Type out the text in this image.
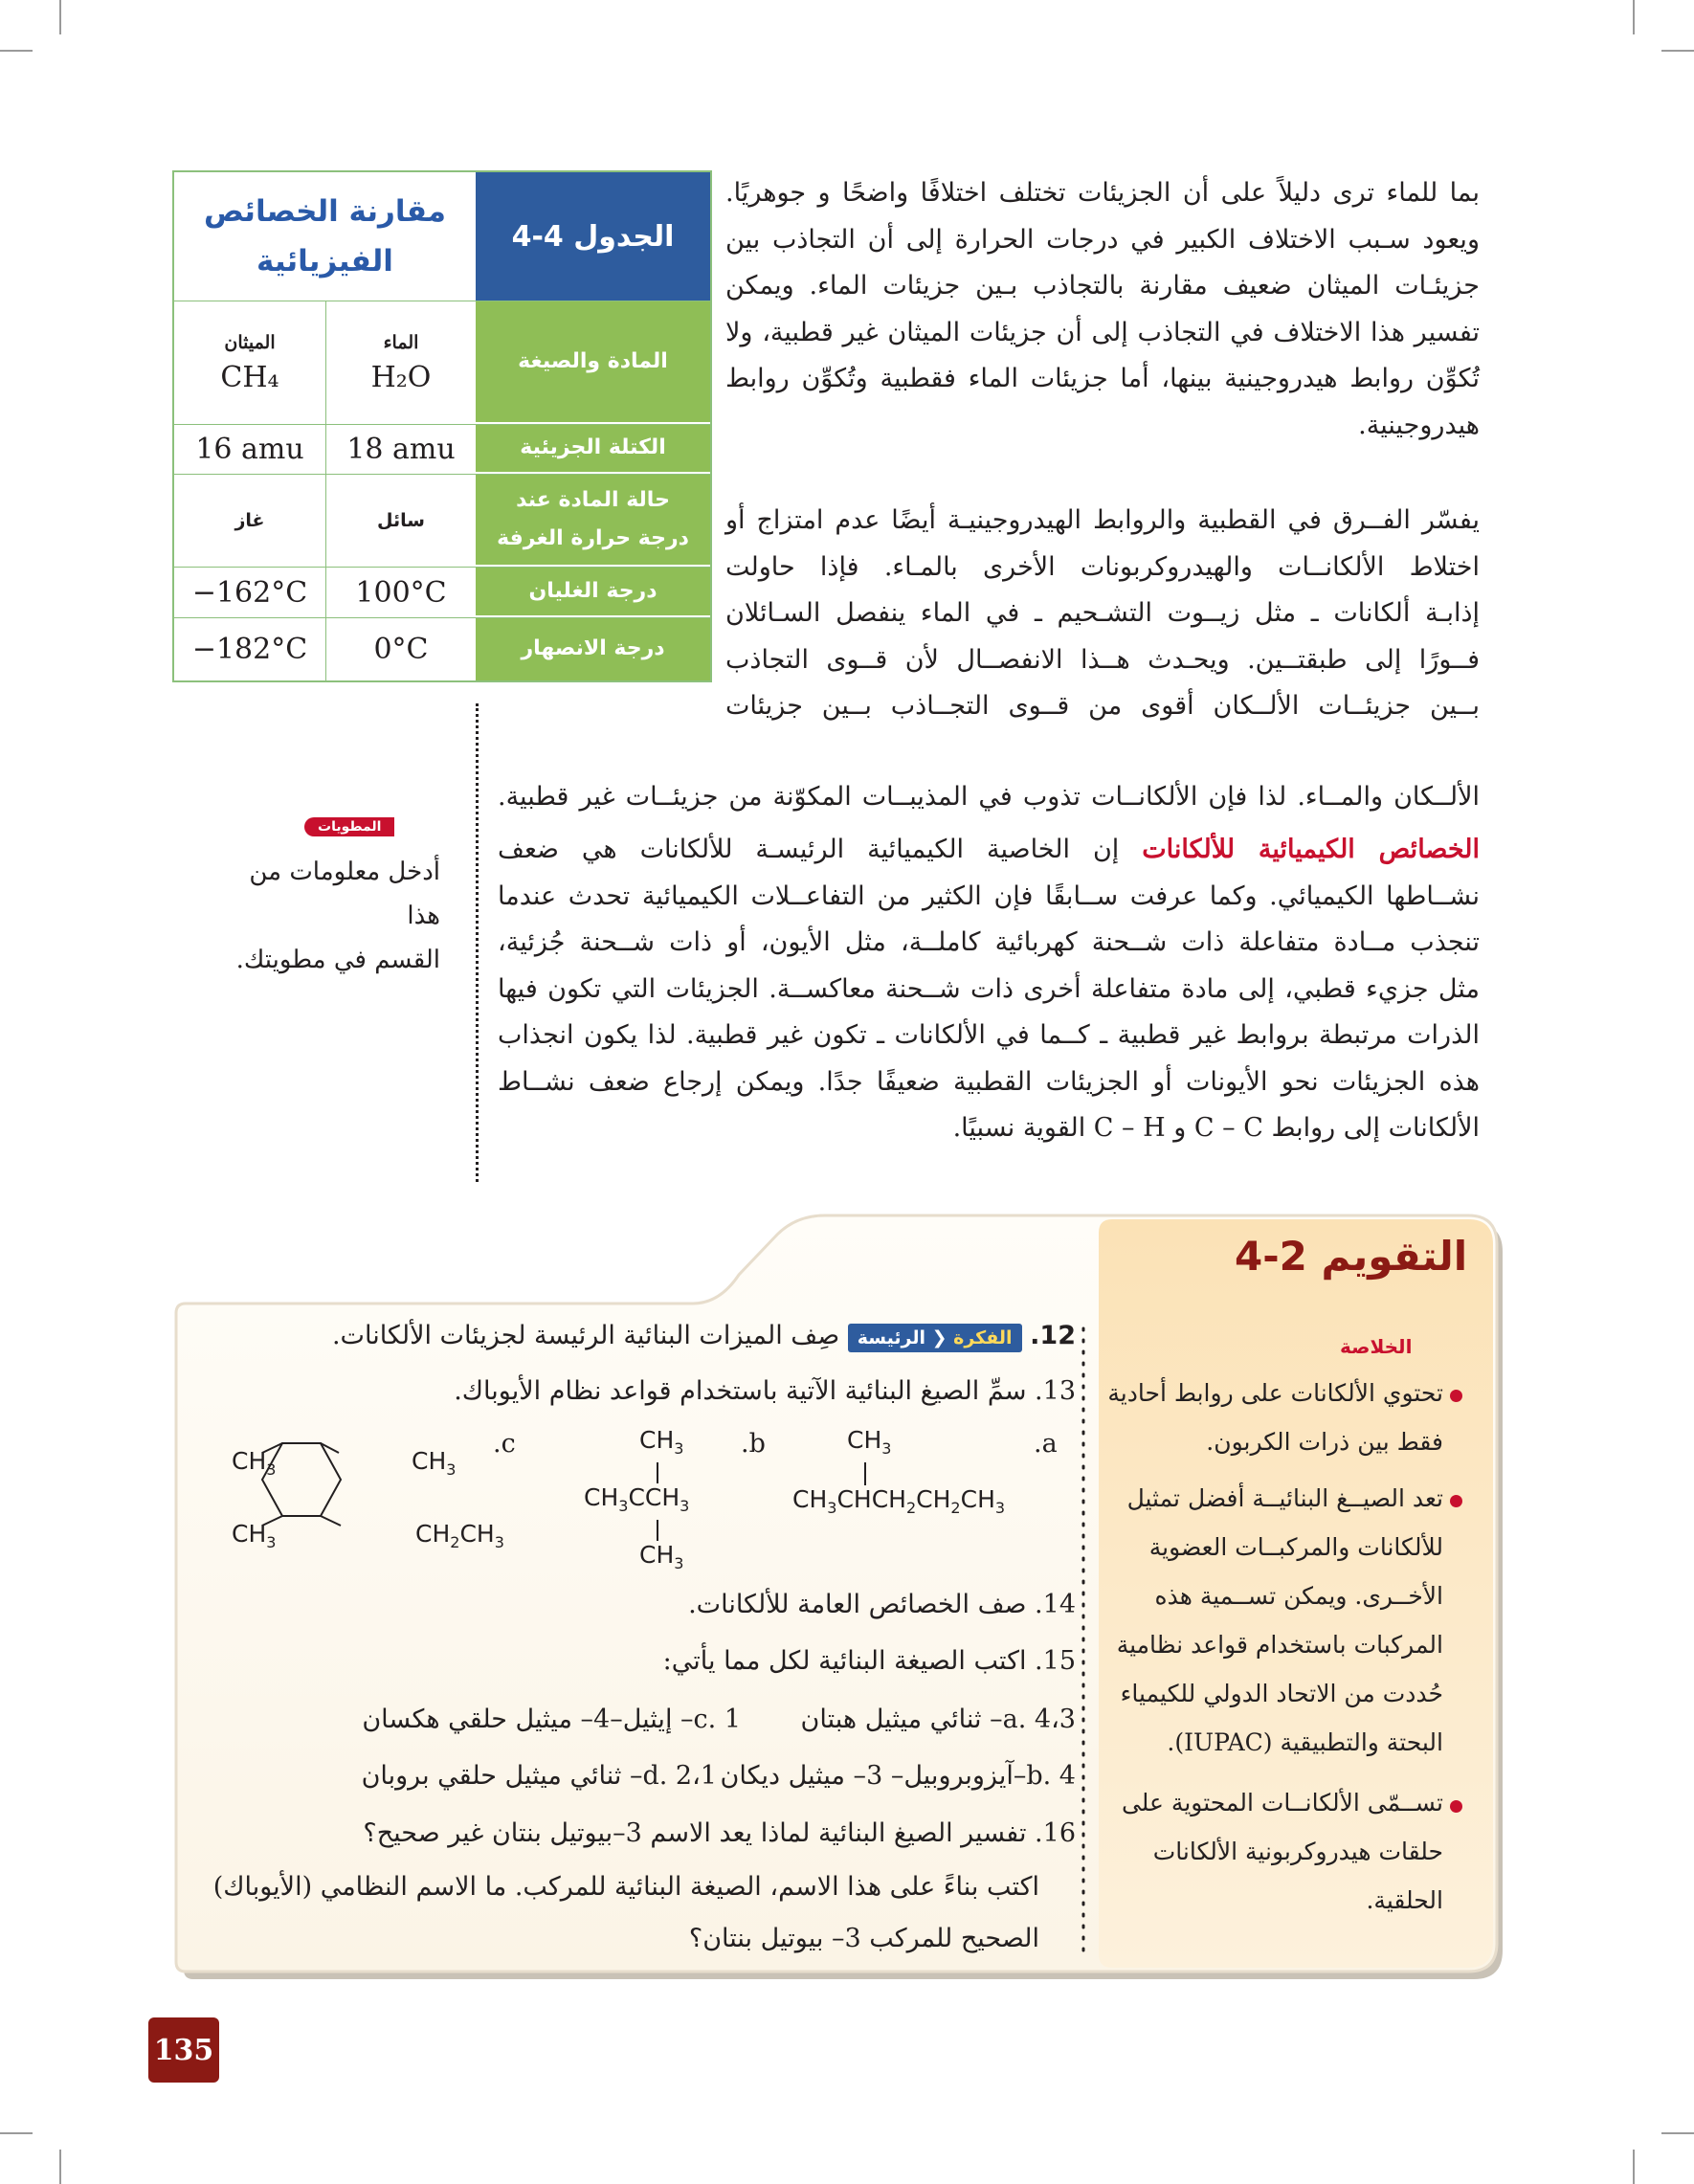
الجدول 4-4
مقارنة الخصائص
الفيزيائية
المادة والصيغة
الكتلة الجزيئية
حالة المادة عند
درجة حرارة الغرفة
درجة الغليان
درجة الانصهار
الماء
H₂O
الميثان
CH₄
18 amu
16 amu
سائل
غاز
100°C
−162°C
0°C
−182°C
بما للماء ترى دليلاً على أن الجزيئات تختلف اختلافًا واضحًا و جوهريًا.
ويعود سـبب الاختلاف الكبير في درجات الحرارة إلى أن التجاذب بين
جزيئـات الميثان ضعيف مقارنة بالتجاذب بـين جزيئات الماء. ويمكن
تفسير هذا الاختلاف في التجاذب إلى أن جزيئات الميثان غير قطبية، ولا
تُكوِّن روابط هيدروجينية بينها، أما جزيئات الماء فقطبية وتُكوِّن روابط
هيدروجينية.
يفسّر الفــرق في القطبية والروابط الهيدروجينيـة أيضًا عدم امتزاج أو
اختلاط الألكانــات والهيدروكربونات الأخرى بالمـاء. فإذا حاولت
إذابـة ألكانات ـ مثل زيــوت التشـحيم ـ في الماء ينفصل السـائلان
فــورًا إلى طبقتــين. ويحـدث هــذا الانفصــال لأن قــوى التجاذب
بــين جزيئــات الألــكان أقوى من قــوى التجــاذب بــين جزيئات
الألــكان والمــاء. لذا فإن الألكانــات تذوب في المذيبــات المكوّنة من جزيئــات غير قطبية.
الخصائص الكيميائية للألكانات إن الخاصية الكيميائية الرئيسـة للألكانات هي ضعف
نشــاطها الكيميائي. وكما عرفت ســابقًا فإن الكثير من التفاعــلات الكيميائية تحدث عندما
تنجذب مــادة متفاعلة ذات شــحنة كهربائية كاملــة، مثل الأيون، أو ذات شــحنة جُزئية،
مثل جزيء قطبي، إلى مادة متفاعلة أخرى ذات شــحنة معاكســة. الجزيئات التي تكون فيها
الذرات مرتبطة بروابط غير قطبية ـ كــما في الألكانات ـ تكون غير قطبية. لذا يكون انجذاب
هذه الجزيئات نحو الأيونات أو الجزيئات القطبية ضعيفًا جدًا. ويمكن إرجاع ضعف نشــاط
الألكانات إلى روابط C – C و C – H القوية نسبيًا.
المطويات
أدخل معلومات من هذا
القسم في مطويتك.
التقويم 2-4
الخلاصة
تحتوي الألكانات على روابط أحادية
فقط بين ذرات الكربون.
تعد الصيــغ البنائيــة أفضل تمثيل
للألكانات والمركبــات العضوية
الأخــرى. ويمكن تســمية هذه
المركبات باستخدام قواعد نظامية
حُددت من الاتحاد الدولي للكيمياء
البحتة والتطبيقية (IUPAC).
تســمّى الألكانــات المحتوية على
حلقات هيدروكربونية الألكانات
الحلقية.
12. الفكرة ❮ الرئيسة صِف الميزات البنائية الرئيسة لجزيئات الألكانات.
13. سمِّ الصيغ البنائية الآتية باستخدام قواعد نظام الأيوباك.
a.
$CH_3$
$CH_3CHCH_2CH_2CH_3$
b.
$CH_3$
$CH_3CCH_3$
$CH_3$
c.
$CH_3$	$CH_3$
$CH_3$	$CH_2CH_3$
14. صف الخصائص العامة للألكانات.
15. اكتب الصيغة البنائية لكل مما يأتي:
a. 4،3– ثنائي ميثيل هبتان
c. 1– إيثيل–4– ميثيل حلقي هكسان
b. 4–آيزوبروبيل– 3– ميثيل ديكان
d. 2،1– ثنائي ميثيل حلقي بروبان
16. تفسير الصيغ البنائية لماذا يعد الاسم 3–بيوتيل بنتان غير صحيح؟
اكتب بناءً على هذا الاسم، الصيغة البنائية للمركب. ما الاسم النظامي (الأيوباك)
الصحيح للمركب 3– بيوتيل بنتان؟
135
